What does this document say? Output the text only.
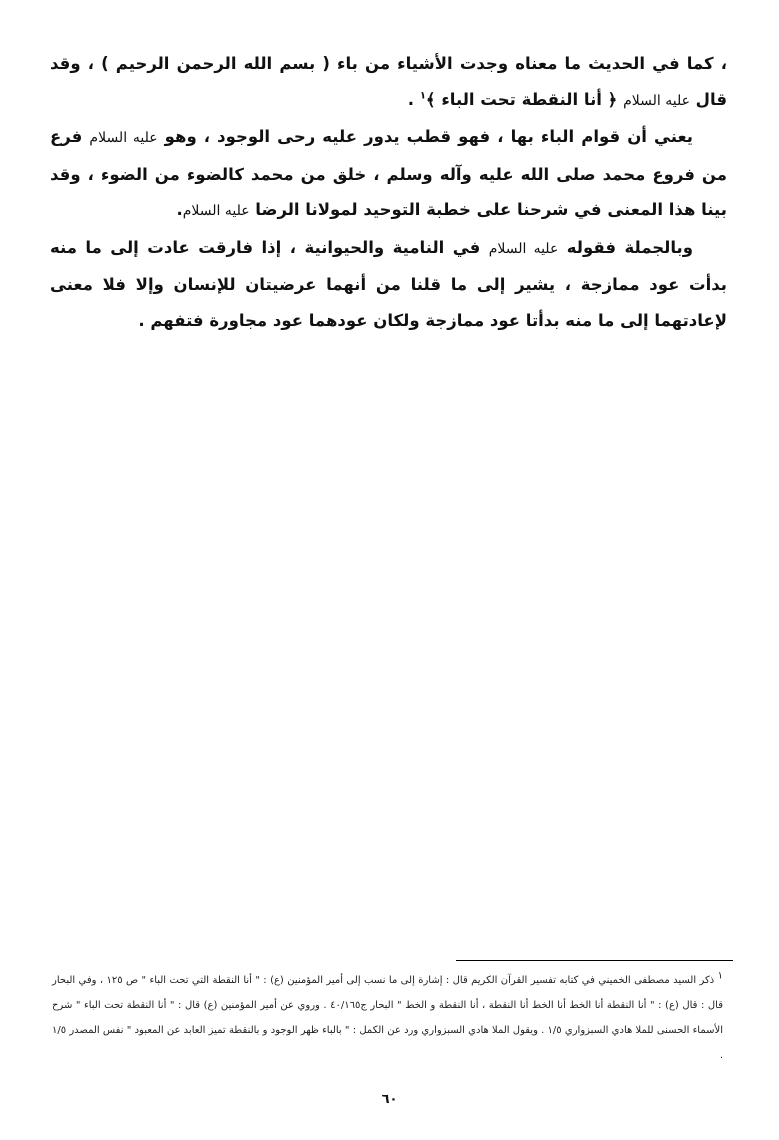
، كما في الحديث ما معناه وجدت الأشياء من باء ( بسم الله الرحمن الرحيم ) ، وقد قال عليه السلام ﴿ أنا النقطة تحت الباء ﴾$^١$ .

يعني أن قوام الباء بها ، فهو قطب يدور عليه رحى الوجود ، وهو عليه السلام فرع من فروع محمد صلى الله عليه وآله وسلم ، خلق من محمد كالضوء من الضوء ، وقد بينا هذا المعنى في شرحنا على خطبة التوحيد لمولانا الرضا عليه السلام.

وبالجملة فقوله عليه السلام في النامية والحيوانية ، إذا فارقت عادت إلى ما منه بدأت عود ممازجة ، يشير إلى ما قلنا من أنهما عرضيتان للإنسان وإلا فلا معنى لإعادتهما إلى ما منه بدأتا عود ممازجة ولكان عودهما عود مجاورة فتفهم .

١ ذكر السيد مصطفى الخميني في كتابه تفسير القرآن الكريم قال : إشارة إلى ما نسب إلى أمير المؤمنين (ع) : " أنا النقطة التي تحت الباء " ص ١٢٥ ، وفي البحار قال : قال (ع) : " أنا النقطة أنا الخط أنا الخط أنا النقطة ، أنا النقطة و الخط " البحار ج٤٠/١٦٥ . وروي عن أمير المؤمنين (ع) قال : " أنا النقطة تحت الباء " شرح الأسماء الحسنى للملا هادي السبزواري ١/٥ . ويقول الملا هادي السبزواري ورد عن الكمل : " بالباء ظهر الوجود و بالنقطة تميز العابد عن المعبود " نفس المصدر ١/٥ .

٦٠
